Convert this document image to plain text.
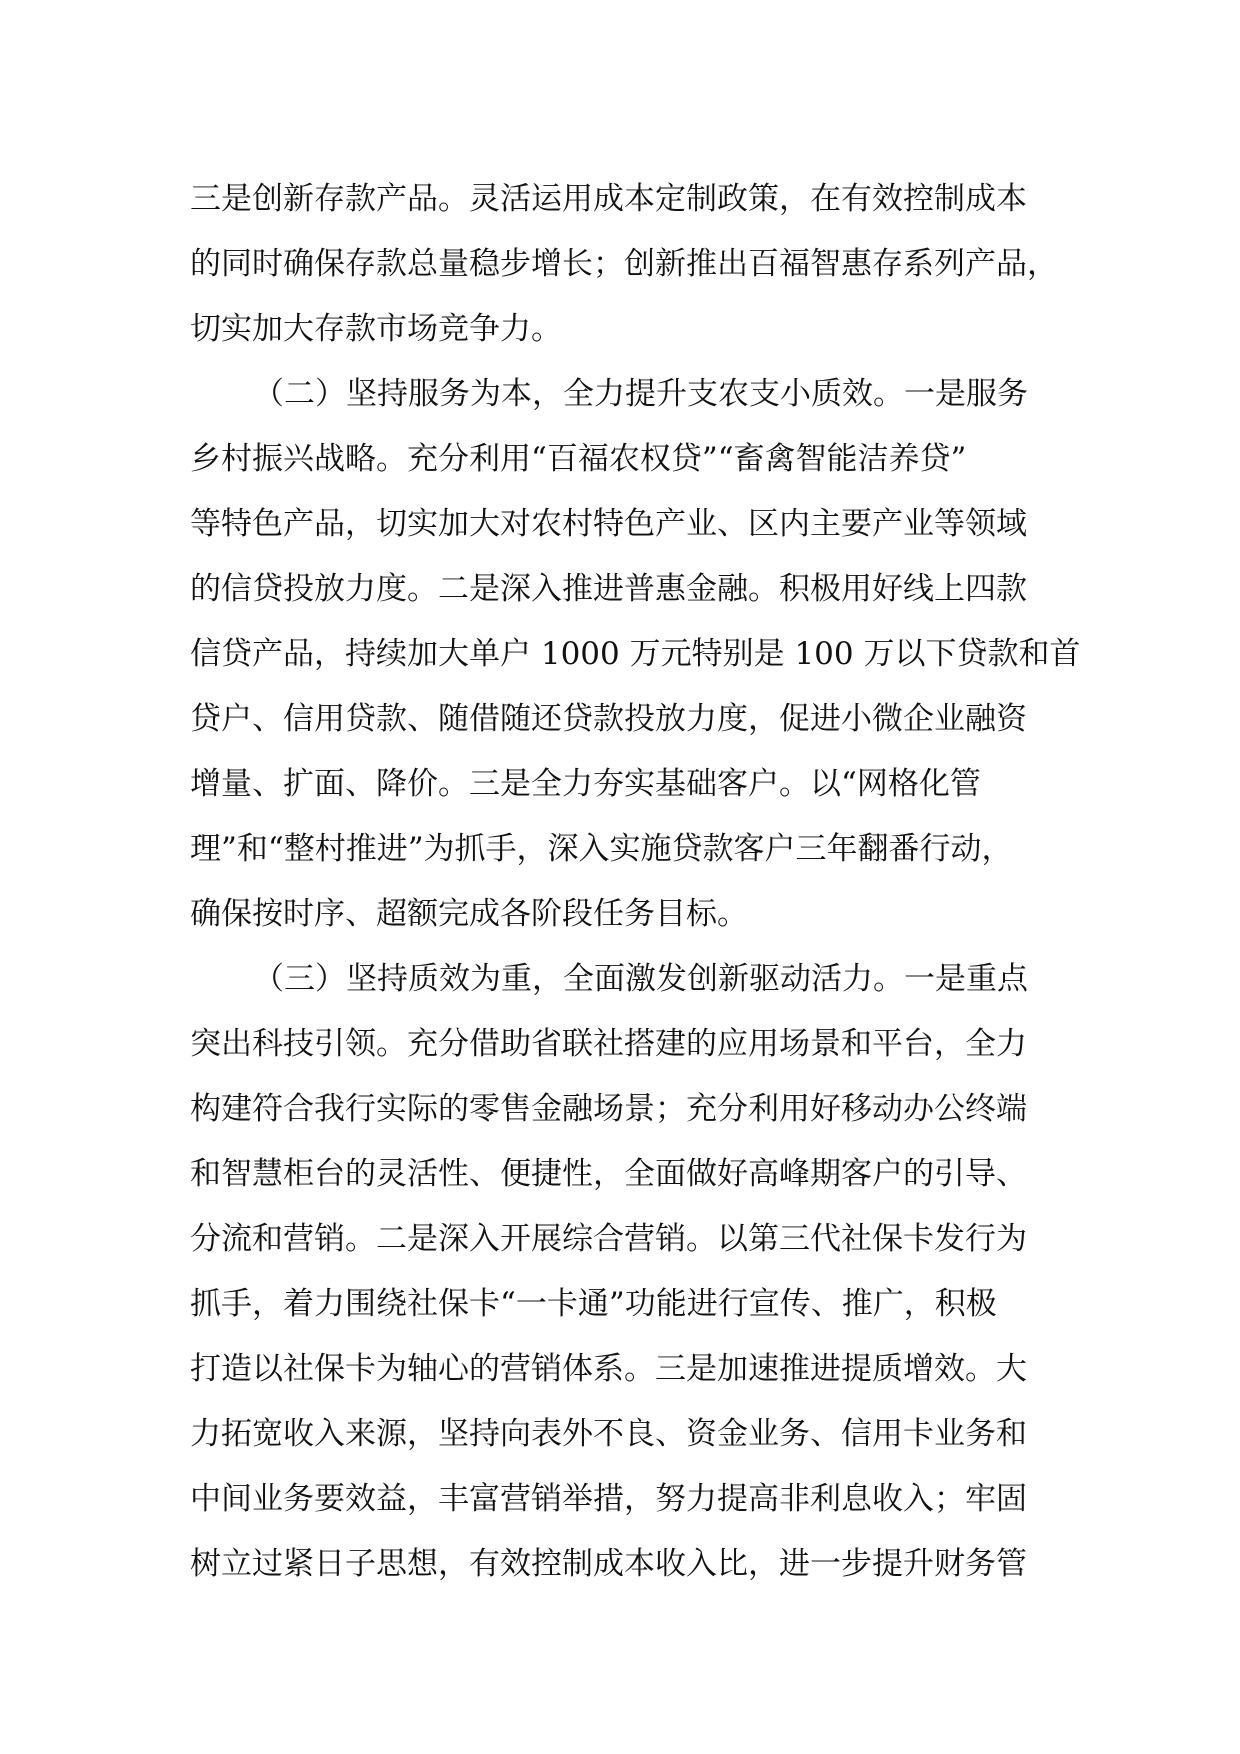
三是创新存款产品。灵活运用成本定制政策，在有效控制成本
的同时确保存款总量稳步增长；创新推出百福智惠存系列产品，
切实加大存款市场竞争力。
（二）坚持服务为本，全力提升支农支小质效。一是服务
乡村振兴战略。充分利用“百福农权贷”“畜禽智能洁养贷”
等特色产品，切实加大对农村特色产业、区内主要产业等领域
的信贷投放力度。二是深入推进普惠金融。积极用好线上四款
信贷产品，持续加大单户 1000 万元特别是 100 万以下贷款和首
贷户、信用贷款、随借随还贷款投放力度，促进小微企业融资
增量、扩面、降价。三是全力夯实基础客户。以“网格化管
理”和“整村推进”为抓手，深入实施贷款客户三年翻番行动，
确保按时序、超额完成各阶段任务目标。
（三）坚持质效为重，全面激发创新驱动活力。一是重点
突出科技引领。充分借助省联社搭建的应用场景和平台，全力
构建符合我行实际的零售金融场景；充分利用好移动办公终端
和智慧柜台的灵活性、便捷性，全面做好高峰期客户的引导、
分流和营销。二是深入开展综合营销。以第三代社保卡发行为
抓手，着力围绕社保卡“一卡通”功能进行宣传、推广，积极
打造以社保卡为轴心的营销体系。三是加速推进提质增效。大
力拓宽收入来源，坚持向表外不良、资金业务、信用卡业务和
中间业务要效益，丰富营销举措，努力提高非利息收入；牢固
树立过紧日子思想，有效控制成本收入比，进一步提升财务管
